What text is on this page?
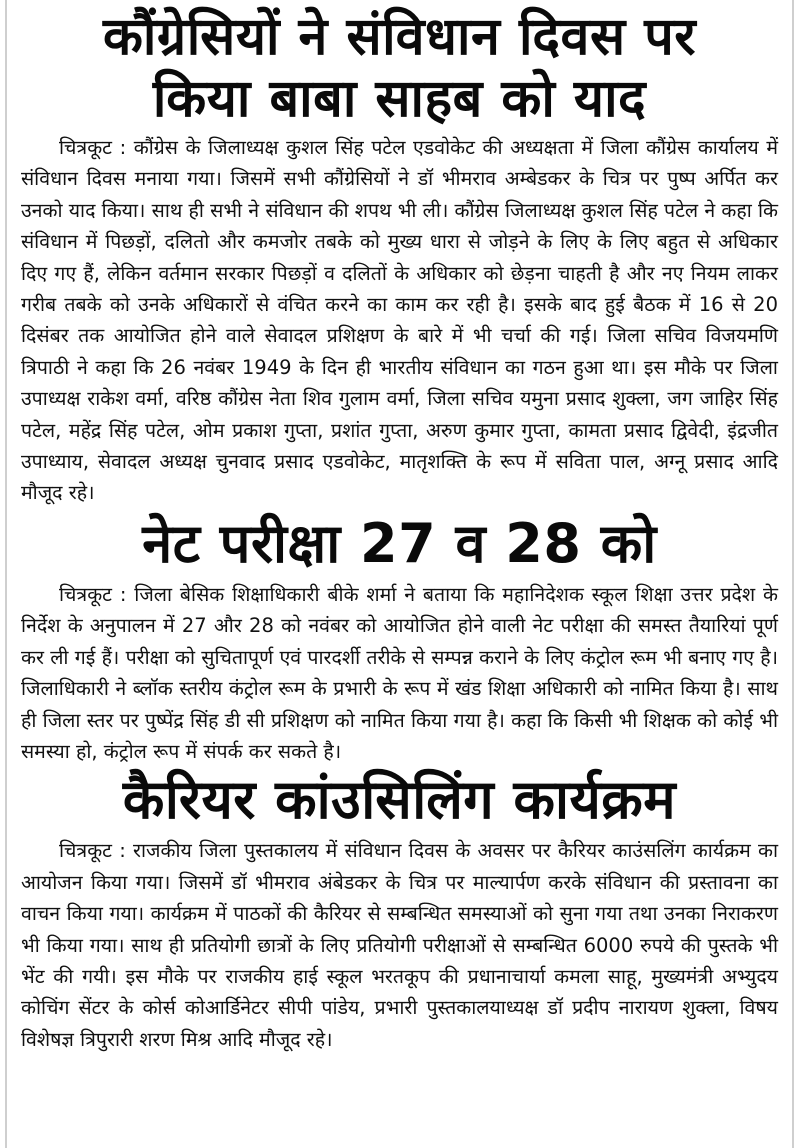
कौंग्रेसियों ने संविधान दिवस पर
किया बाबा साहब को याद

चित्रकूट : कौंग्रेस के जिलाध्यक्ष कुशल सिंह पटेल एडवोकेट की अध्यक्षता में जिला कौंग्रेस कार्यालय में संविधान दिवस मनाया गया। जिसमें सभी कौंग्रेसियों ने डॉ भीमराव अम्बेडकर के चित्र पर पुष्प अर्पित कर उनको याद किया। साथ ही सभी ने संविधान की शपथ भी ली। कौंग्रेस जिलाध्यक्ष कुशल सिंह पटेल ने कहा कि संविधान में पिछड़ों, दलितो और कमजोर तबके को मुख्य धारा से जोड़ने के लिए के लिए बहुत से अधिकार दिए गए हैं, लेकिन वर्तमान सरकार पिछड़ों व दलितों के अधिकार को छेड़ना चाहती है और नए नियम लाकर गरीब तबके को उनके अधिकारों से वंचित करने का काम कर रही है। इसके बाद हुई बैठक में 16 से 20 दिसंबर तक आयोजित होने वाले सेवादल प्रशिक्षण के बारे में भी चर्चा की गई। जिला सचिव विजयमणि त्रिपाठी ने कहा कि 26 नवंबर 1949 के दिन ही भारतीय संविधान का गठन हुआ था। इस मौके पर जिला उपाध्यक्ष राकेश वर्मा, वरिष्ठ कौंग्रेस नेता शिव गुलाम वर्मा, जिला सचिव यमुना प्रसाद शुक्ला, जग जाहिर सिंह पटेल, महेंद्र सिंह पटेल, ओम प्रकाश गुप्ता, प्रशांत गुप्ता, अरुण कुमार गुप्ता, कामता प्रसाद द्विवेदी, इंद्रजीत उपाध्याय, सेवादल अध्यक्ष चुनवाद प्रसाद एडवोकेट, मातृशक्ति के रूप में सविता पाल, अग्नू प्रसाद आदि मौजूद रहे।

नेट परीक्षा 27 व 28 को

चित्रकूट : जिला बेसिक शिक्षाधिकारी बीके शर्मा ने बताया कि महानिदेशक स्कूल शिक्षा उत्तर प्रदेश के निर्देश के अनुपालन में 27 और 28 को नवंबर को आयोजित होने वाली नेट परीक्षा की समस्त तैयारियां पूर्ण कर ली गई हैं। परीक्षा को सुचितापूर्ण एवं पारदर्शी तरीके से सम्पन्न कराने के लिए कंट्रोल रूम भी बनाए गए है। जिलाधिकारी ने ब्लॉक स्तरीय कंट्रोल रूम के प्रभारी के रूप में खंड शिक्षा अधिकारी को नामित किया है। साथ ही जिला स्तर पर पुष्पेंद्र सिंह डी सी प्रशिक्षण को नामित किया गया है। कहा कि किसी भी शिक्षक को कोई भी समस्या हो, कंट्रोल रूप में संपर्क कर सकते है।

कैरियर कांउसिलिंग कार्यक्रम

चित्रकूट : राजकीय जिला पुस्तकालय में संविधान दिवस के अवसर पर कैरियर काउंसलिंग कार्यक्रम का आयोजन किया गया। जिसमें डॉ भीमराव अंबेडकर के चित्र पर माल्यार्पण करके संविधान की प्रस्तावना का वाचन किया गया। कार्यक्रम में पाठकों की कैरियर से सम्बन्धित समस्याओं को सुना गया तथा उनका निराकरण भी किया गया। साथ ही प्रतियोगी छात्रों के लिए प्रतियोगी परीक्षाओं से सम्बन्धित 6000 रुपये की पुस्तके भी भेंट की गयी। इस मौके पर राजकीय हाई स्कूल भरतकूप की प्रधानाचार्या कमला साहू, मुख्यमंत्री अभ्युदय कोचिंग सेंटर के कोर्स कोआर्डिनेटर सीपी पांडेय, प्रभारी पुस्तकालयाध्यक्ष डॉ प्रदीप नारायण शुक्ला, विषय विशेषज्ञ त्रिपुरारी शरण मिश्र आदि मौजूद रहे।
